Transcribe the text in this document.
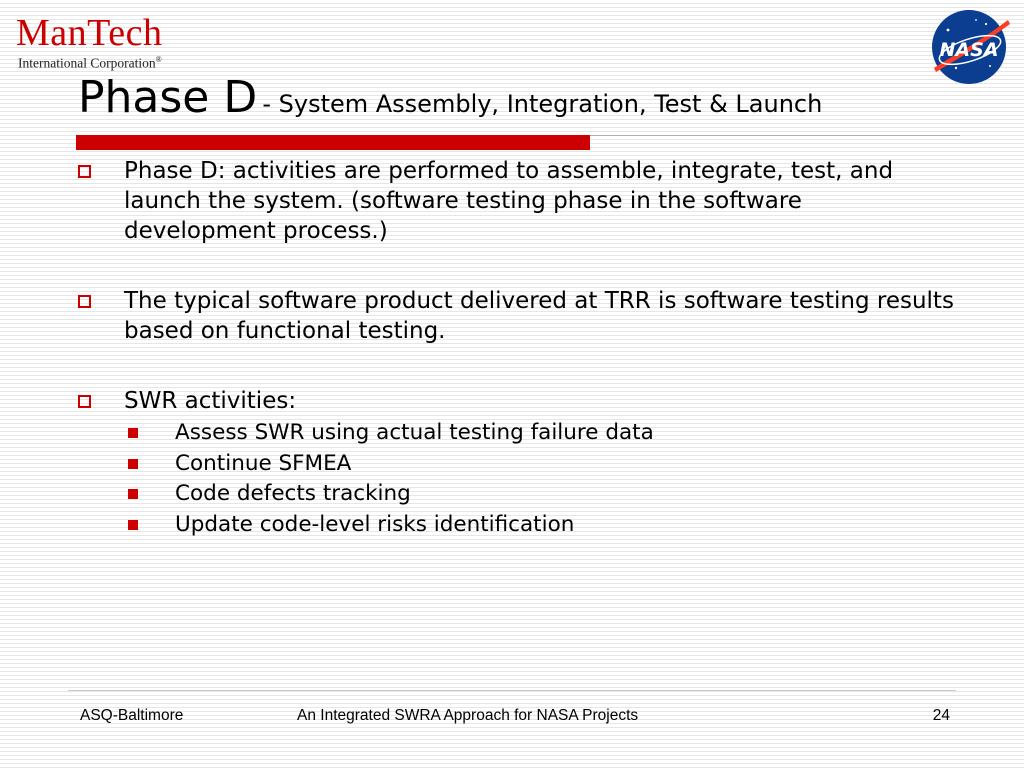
ManTech
International Corporation®	NASA
Phase D - System Assembly, Integration, Test & Launch
Phase D: activities are performed to assemble, integrate, test, and launch the system. (software testing phase in the software development process.)
The typical software product delivered at TRR is software testing results based on functional testing.
SWR activities:
Assess SWR using actual testing failure data
Continue SFMEA
Code defects tracking
Update code-level risks identification
ASQ-Baltimore	An Integrated SWRA Approach for NASA Projects	24
